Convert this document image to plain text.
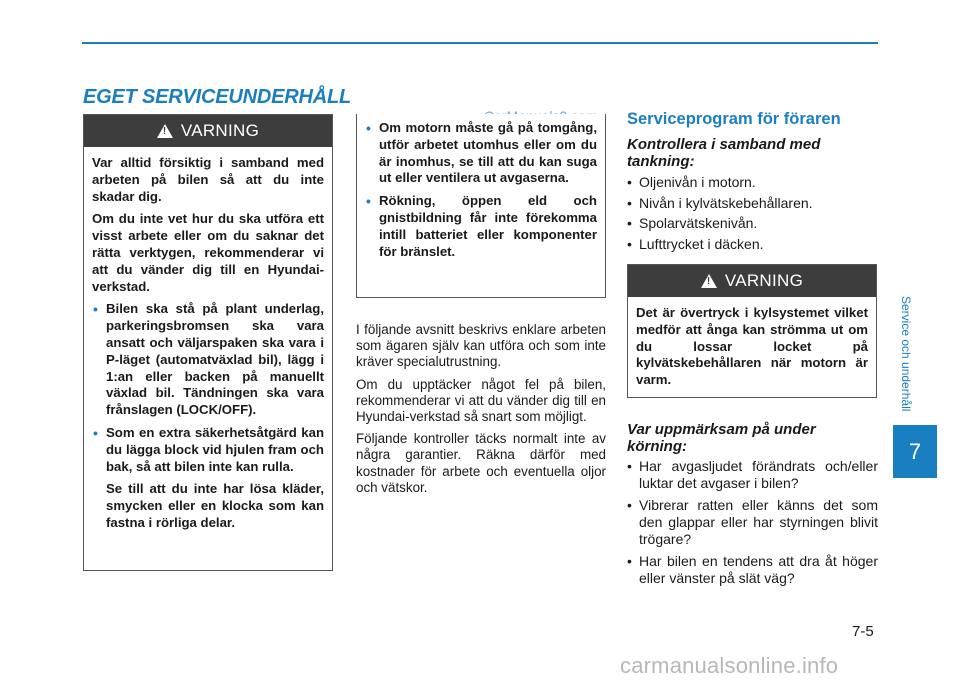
EGET SERVICEUNDERHÅLL
!
VARNING

Var alltid försiktig i samband med arbeten på bilen så att du inte skadar dig.

Om du inte vet hur du ska utföra ett visst arbete eller om du saknar det rätta verktygen, rekommenderar vi att du vänder dig till en Hyundai-verkstad.

• Bilen ska stå på plant underlag, parkeringsbromsen ska vara ansatt och väljarspaken ska vara i P-läget (automatväxlad bil), lägg i 1:an eller backen på manuellt växlad bil. Tändningen ska vara frånslagen (LOCK/OFF).
• Som en extra säkerhetsåtgärd kan du lägga block vid hjulen fram och bak, så att bilen inte kan rulla.
Se till att du inte har lösa kläder, smycken eller en klocka som kan fastna i rörliga delar.
• Om motorn måste gå på tomgång, utför arbetet utomhus eller om du är inomhus, se till att du kan suga ut eller ventilera ut avgaserna.
• Rökning, öppen eld och gnistbildning får inte förekomma intill batteriet eller komponenter för bränslet.

I följande avsnitt beskrivs enklare arbeten som ägaren själv kan utföra och som inte kräver specialutrustning.

Om du upptäcker något fel på bilen, rekommenderar vi att du vänder dig till en Hyundai-verkstad så snart som möjligt.

Följande kontroller täcks normalt inte av några garantier. Räkna därför med kostnader för arbete och eventuella oljor och vätskor.

Serviceprogram för föraren
Kontrollera i samband med tankning:
• Oljenivån i motorn.
• Nivån i kylvätskebehållaren.
• Spolarvätskenivån.
• Lufttrycket i däcken.
!
VARNING

Det är övertryck i kylsystemet vilket medför att ånga kan strömma ut om du lossar locket på kylvätskebehållaren när motorn är varm.

Var uppmärksam på under körning:
• Har avgasljudet förändrats och/eller luktar det avgaser i bilen?
• Vibrerar ratten eller känns det som den glappar eller har styrningen blivit trögare?
• Har bilen en tendens att dra åt höger eller vänster på slät väg?
Service och underhåll
7
7-5
carmanualsonline.info
